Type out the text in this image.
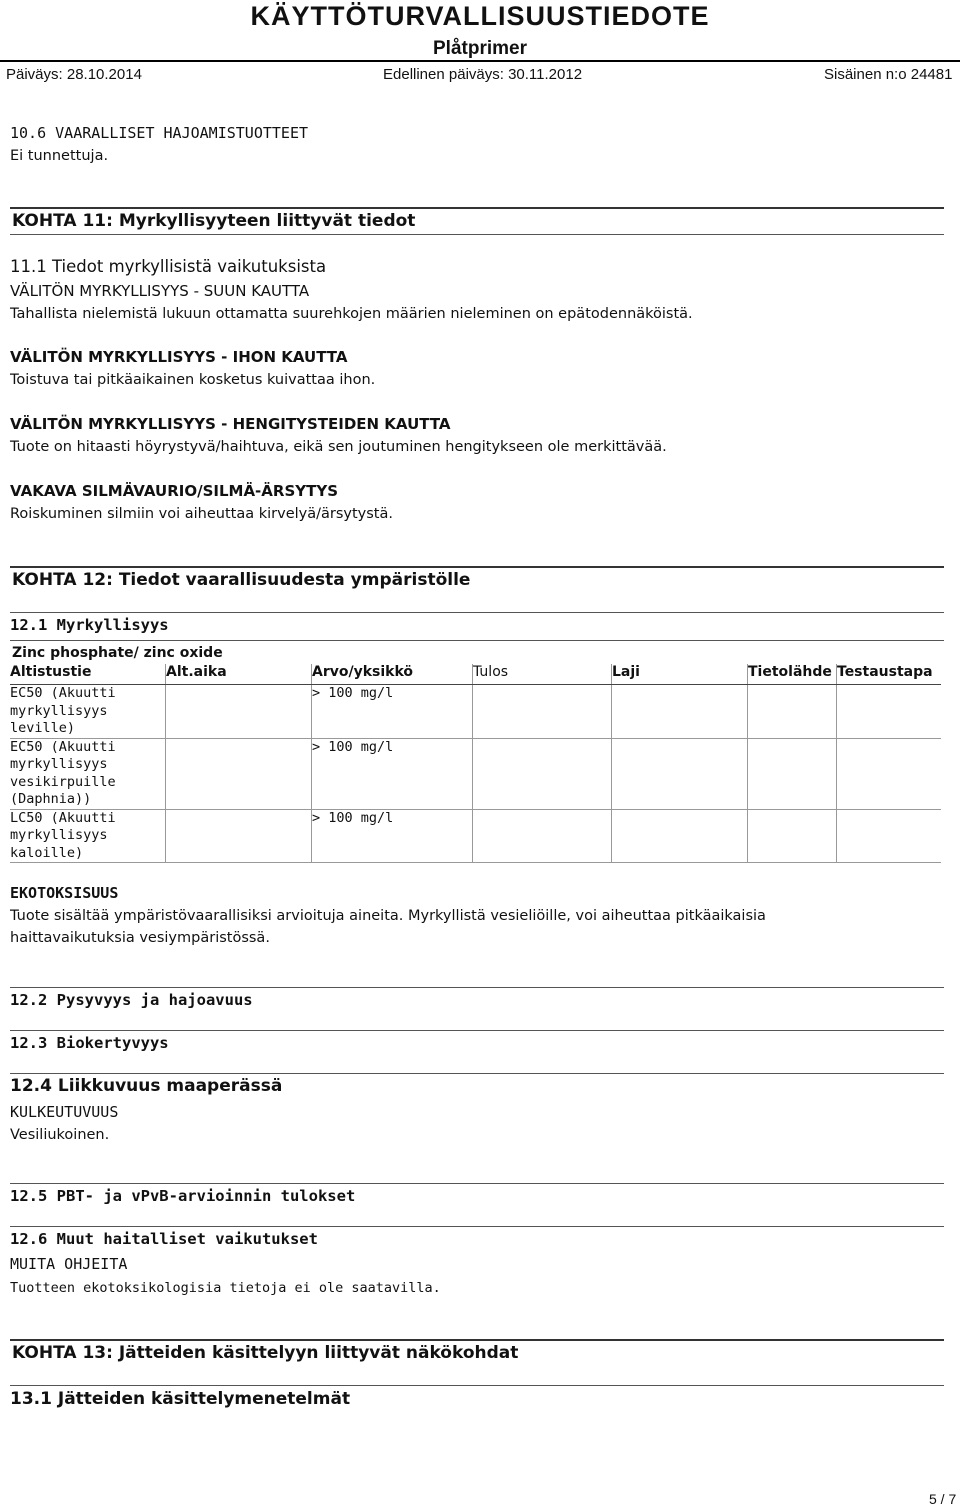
KÄYTTÖTURVALLISUUSTIEDOTE
Plåtprimer
Päiväys: 28.10.2014	Edellinen päiväys: 30.11.2012	Sisäinen n:o 24481
10.6 VAARALLISET HAJOAMISTUOTTEET
Ei tunnettuja.
KOHTA 11: Myrkyllisyyteen liittyvät tiedot
11.1 Tiedot myrkyllisistä vaikutuksista
VÄLITÖN MYRKYLLISYYS - SUUN KAUTTA
Tahallista nielemistä lukuun ottamatta suurehkojen määrien nieleminen on epätodennäköistä.
VÄLITÖN MYRKYLLISYYS - IHON KAUTTA
Toistuva tai pitkäaikainen kosketus kuivattaa ihon.
VÄLITÖN MYRKYLLISYYS - HENGITYSTEIDEN KAUTTA
Tuote on hitaasti höyrystyvä/haihtuva, eikä sen joutuminen hengitykseen ole merkittävää.
VAKAVA SILMÄVAURIO/SILMÄ-ÄRSYTYS
Roiskuminen silmiin voi aiheuttaa kirvelyä/ärsytystä.
KOHTA 12: Tiedot vaarallisuudesta ympäristölle
12.1 Myrkyllisyys
Zinc phosphate/ zinc oxide
Altistustie	Alt.aika	Arvo/yksikkö	Tulos	Laji	Tietolähde	Testaustapa

EC50 (Akuutti
myrkyllisyys
leville)		> 100 mg/l				

EC50 (Akuutti
myrkyllisyys
vesikirpuille
(Daphnia))		> 100 mg/l				

LC50 (Akuutti
myrkyllisyys
kaloille)		> 100 mg/l				
EKOTOKSISUUS
Tuote sisältää ympäristövaarallisiksi arvioituja aineita. Myrkyllistä vesieliöille, voi aiheuttaa pitkäaikaisia
haittavaikutuksia vesiympäristössä.
12.2 Pysyvyys ja hajoavuus
12.3 Biokertyvyys
12.4 Liikkuvuus maaperässä
KULKEUTUVUUS
Vesiliukoinen.
12.5 PBT- ja vPvB-arvioinnin tulokset
12.6 Muut haitalliset vaikutukset
MUITA OHJEITA
Tuotteen ekotoksikologisia tietoja ei ole saatavilla.
KOHTA 13: Jätteiden käsittelyyn liittyvät näkökohdat
13.1 Jätteiden käsittelymenetelmät
5 / 7
